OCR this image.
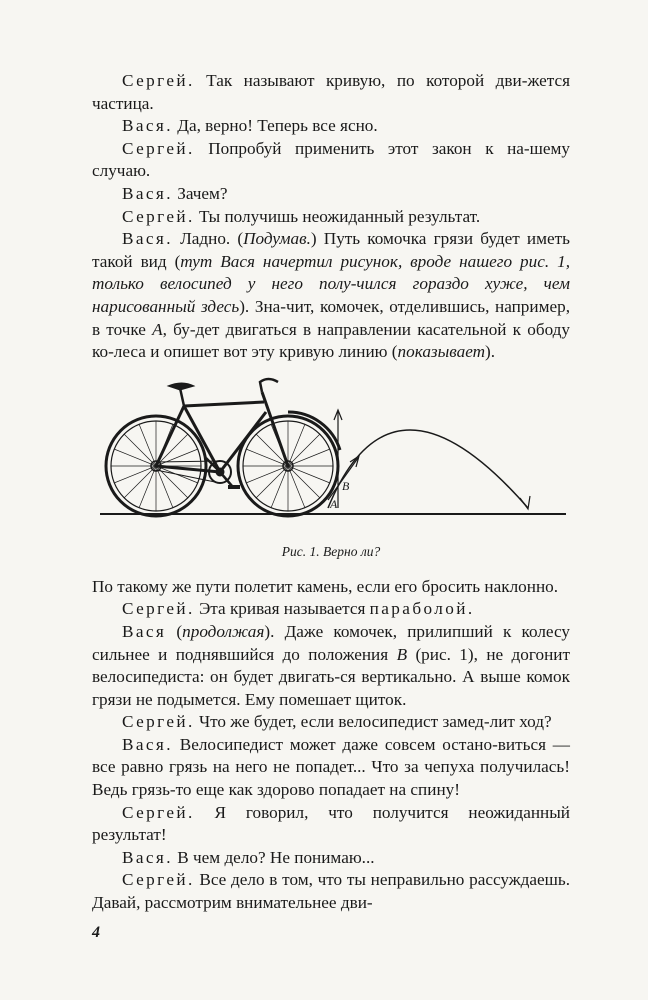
Сергей. Так называют кривую, по которой дви-жется частица.

Вася. Да, верно! Теперь все ясно.

Сергей. Попробуй применить этот закон к на-шему случаю.

Вася. Зачем?

Сергей. Ты получишь неожиданный результат.

Вася. Ладно. (Подумав.) Путь комочка грязи будет иметь такой вид (тут Вася начертил рисунок, вроде нашего рис. 1, только велосипед у него полу-чился гораздо хуже, чем нарисованный здесь). Зна-чит, комочек, отделившись, например, в точке А, бу-дет двигаться в направлении касательной к ободу ко-леса и опишет вот эту кривую линию (показывает).

В
А
Рис. 1. Верно ли?

По такому же пути полетит камень, если его бросить наклонно.

Сергей. Эта кривая называется параболой.

Вася (продолжая). Даже комочек, прилипший к колесу сильнее и поднявшийся до положения В (рис. 1), не догонит велосипедиста: он будет двигать-ся вертикально. А выше комок грязи не подымется. Ему помешает щиток.

Сергей. Что же будет, если велосипедист замед-лит ход?

Вася. Велосипедист может даже совсем остано-виться — все равно грязь на него не попадет... Что за чепуха получилась! Ведь грязь-то еще как здорово попадает на спину!

Сергей. Я говорил, что получится неожиданный результат!

Вася. В чем дело? Не понимаю...

Сергей. Все дело в том, что ты неправильно рассуждаешь. Давай, рассмотрим внимательнее дви-

4
